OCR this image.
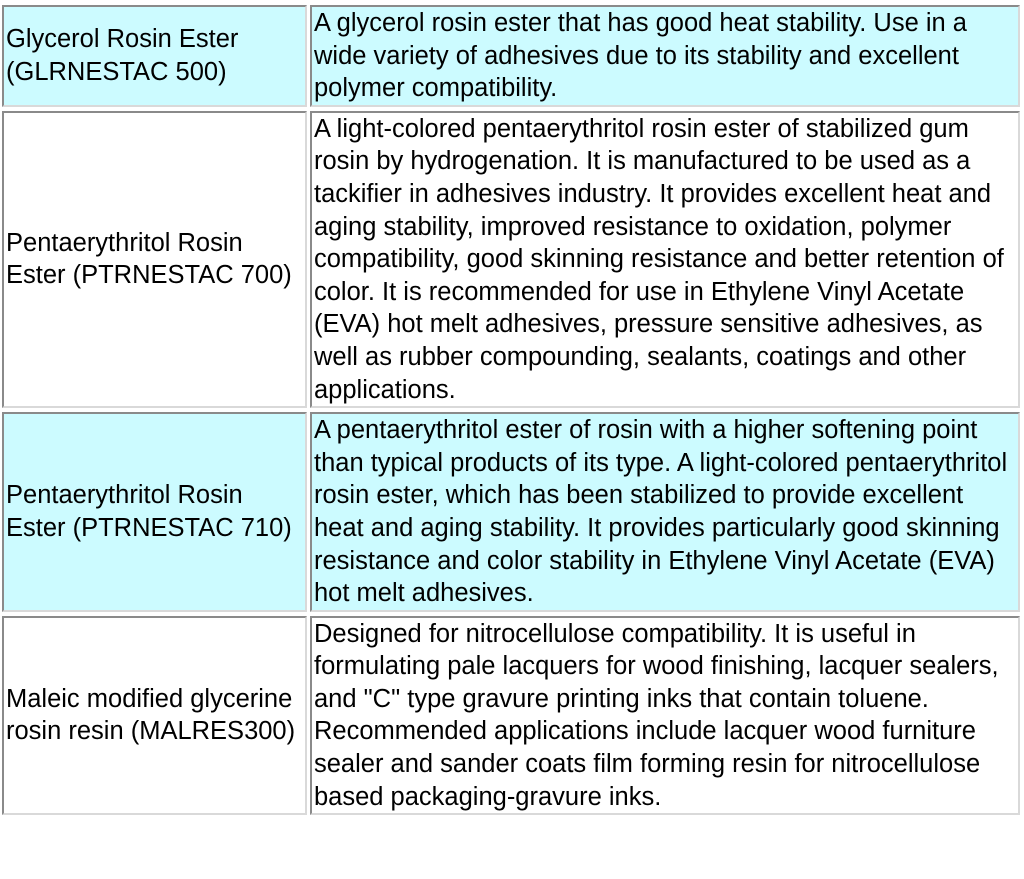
Glycerol Rosin Ester (GLRNESTAC 500)	A glycerol rosin ester that has good heat stability. Use in a wide variety of adhesives due to its stability and excellent polymer compatibility.
Pentaerythritol Rosin Ester (PTRNESTAC 700)	A light-colored pentaerythritol rosin ester of stabilized gum rosin by hydrogenation. It is manufactured to be used as a tackifier in adhesives industry. It provides excellent heat and aging stability, improved resistance to oxidation, polymer compatibility, good skinning resistance and better retention of color. It is recommended for use in Ethylene Vinyl Acetate (EVA) hot melt adhesives, pressure sensitive adhesives, as well as rubber compounding, sealants, coatings and other applications.
Pentaerythritol Rosin Ester (PTRNESTAC 710)	A pentaerythritol ester of rosin with a higher softening point than typical products of its type. A light-colored pentaerythritol rosin ester, which has been stabilized to provide excellent heat and aging stability. It provides particularly good skinning resistance and color stability in Ethylene Vinyl Acetate (EVA) hot melt adhesives.
Maleic modified glycerine rosin resin (MALRES300)	Designed for nitrocellulose compatibility. It is useful in formulating pale lacquers for wood finishing, lacquer sealers, and "C" type gravure printing inks that contain toluene. Recommended applications include lacquer wood furniture sealer and sander coats film forming resin for nitrocellulose based packaging-gravure inks.
